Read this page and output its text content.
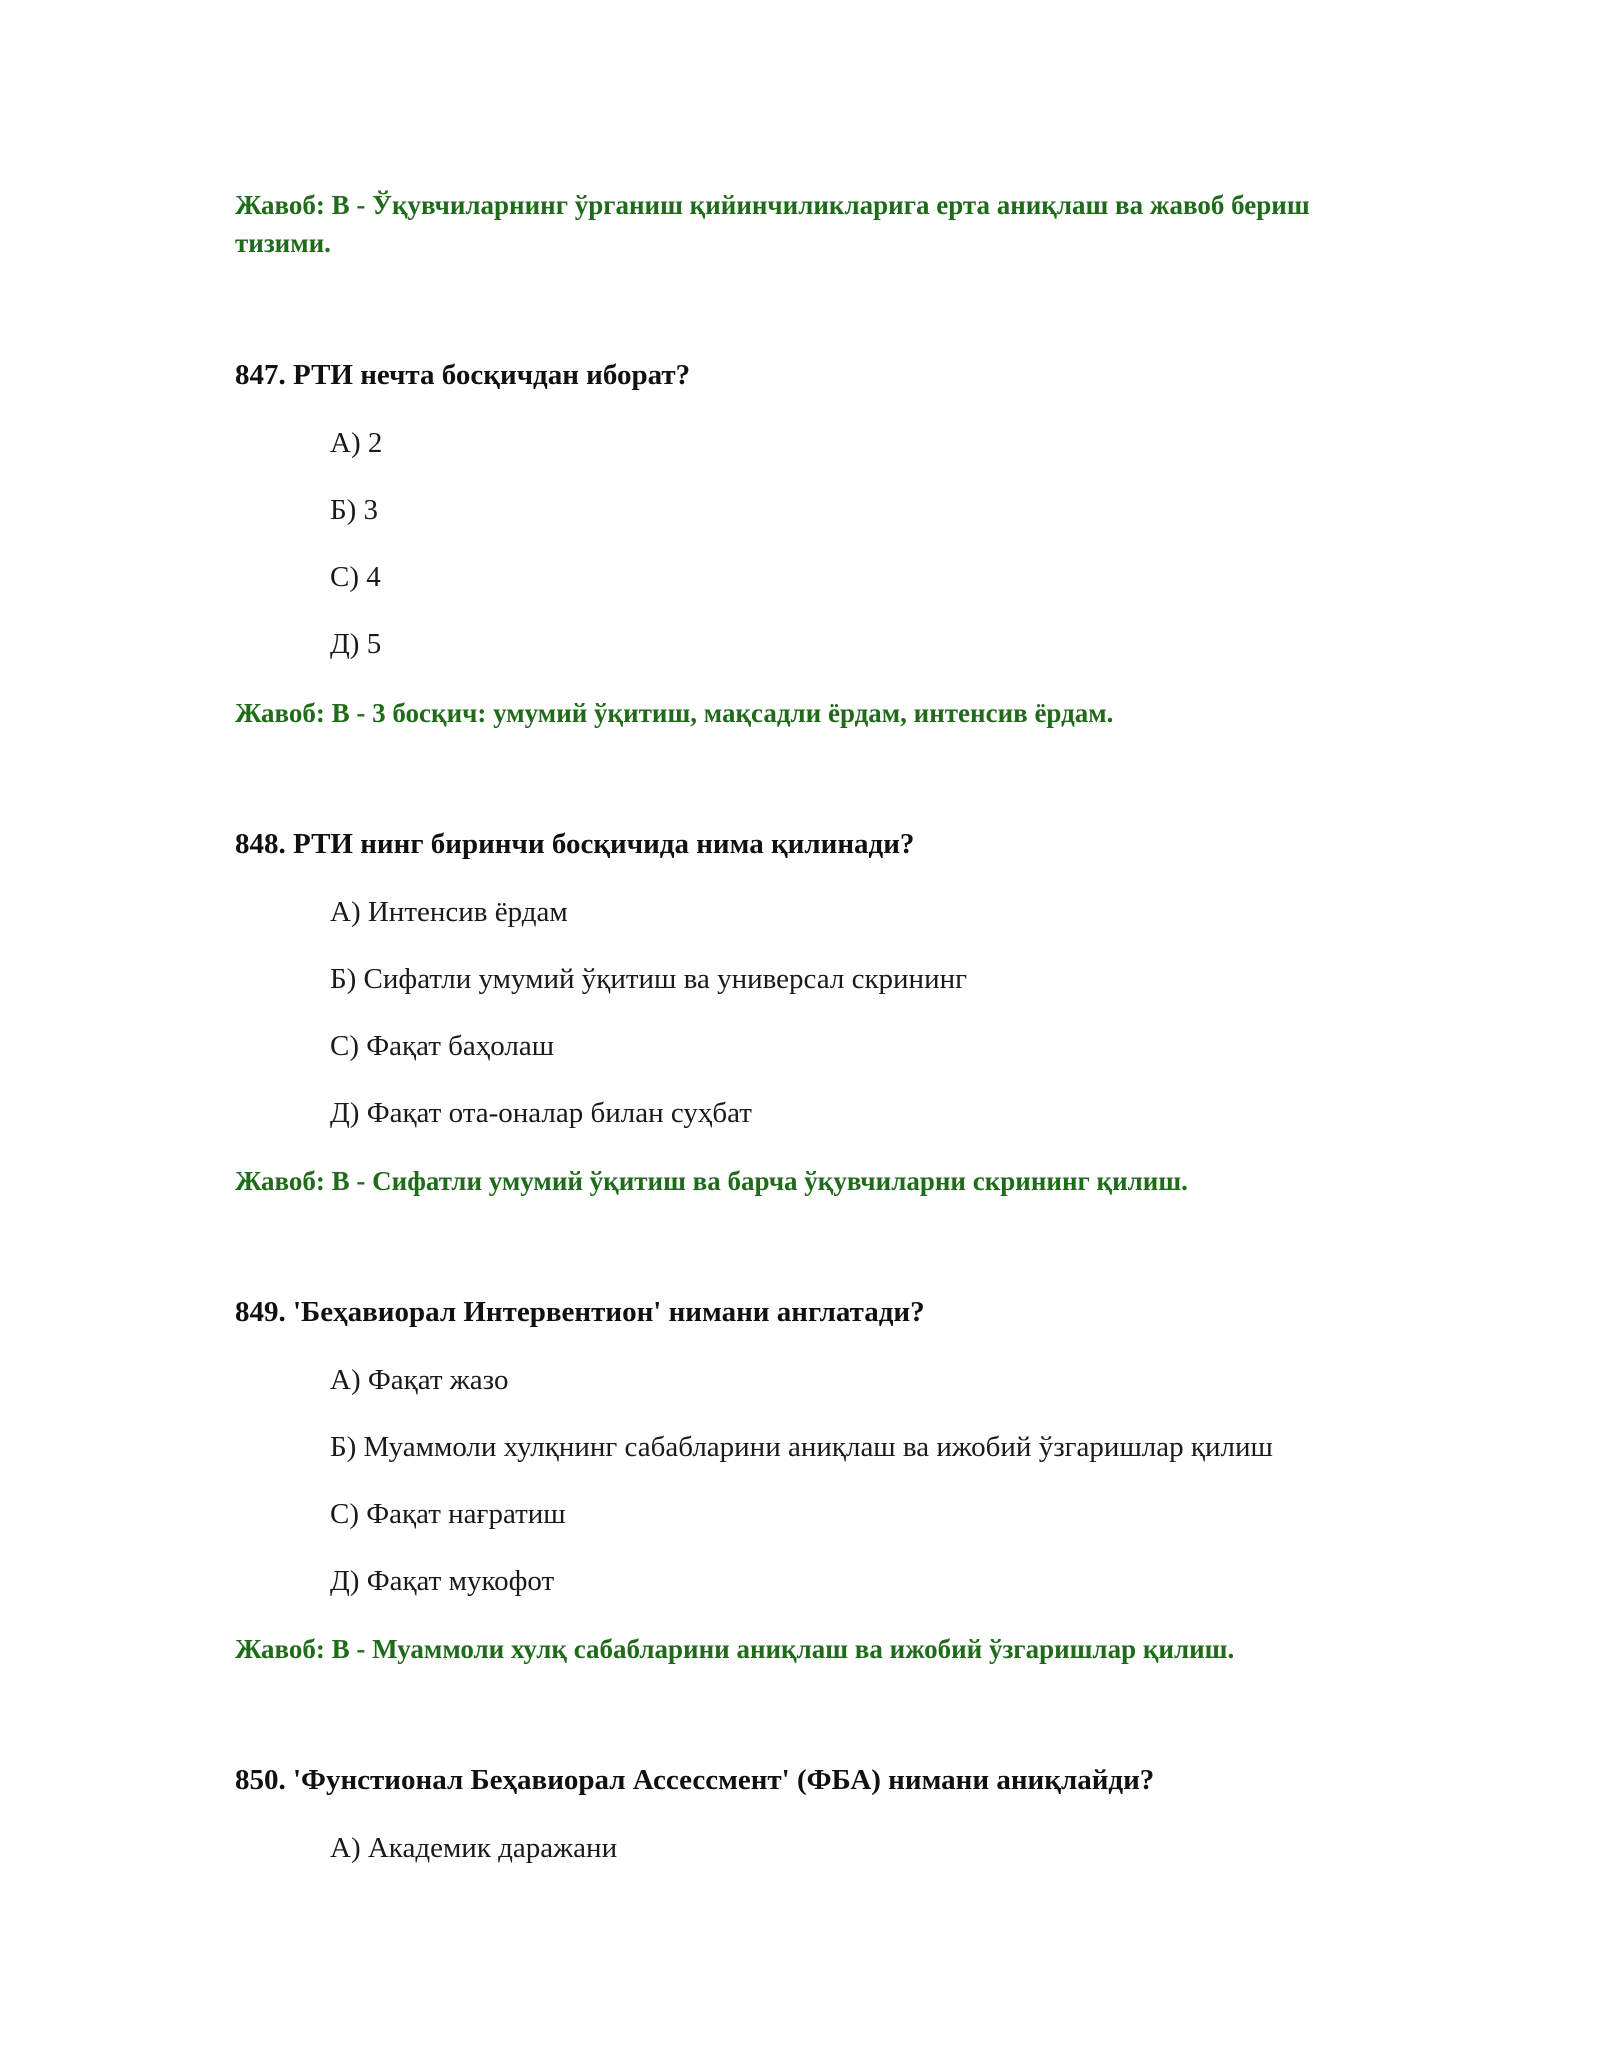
Жавоб: В - Ўқувчиларнинг ўрганиш қийинчиликларига ерта аниқлаш ва жавоб бериш тизими.
847. РТИ нечта босқичдан иборат?
А) 2
Б) 3
С) 4
Д) 5
Жавоб: В - 3 босқич: умумий ўқитиш, мақсадли ёрдам, интенсив ёрдам.
848. РТИ нинг биринчи босқичида нима қилинади?
А) Интенсив ёрдам
Б) Сифатли умумий ўқитиш ва универсал скрининг
С) Фақат баҳолаш
Д) Фақат ота-оналар билан суҳбат
Жавоб: В - Сифатли умумий ўқитиш ва барча ўқувчиларни скрининг қилиш.
849. 'Беҳавиорал Интервентион' нимани англатади?
А) Фақат жазо
Б) Муаммоли хулқнинг сабабларини аниқлаш ва ижобий ўзгаришлар қилиш
С) Фақат нағратиш
Д) Фақат мукофот
Жавоб: В - Муаммоли хулқ сабабларини аниқлаш ва ижобий ўзгаришлар қилиш.
850. 'Фунстионал Беҳавиорал Ассессмент' (ФБА) нимани аниқлайди?
А) Академик даражани
